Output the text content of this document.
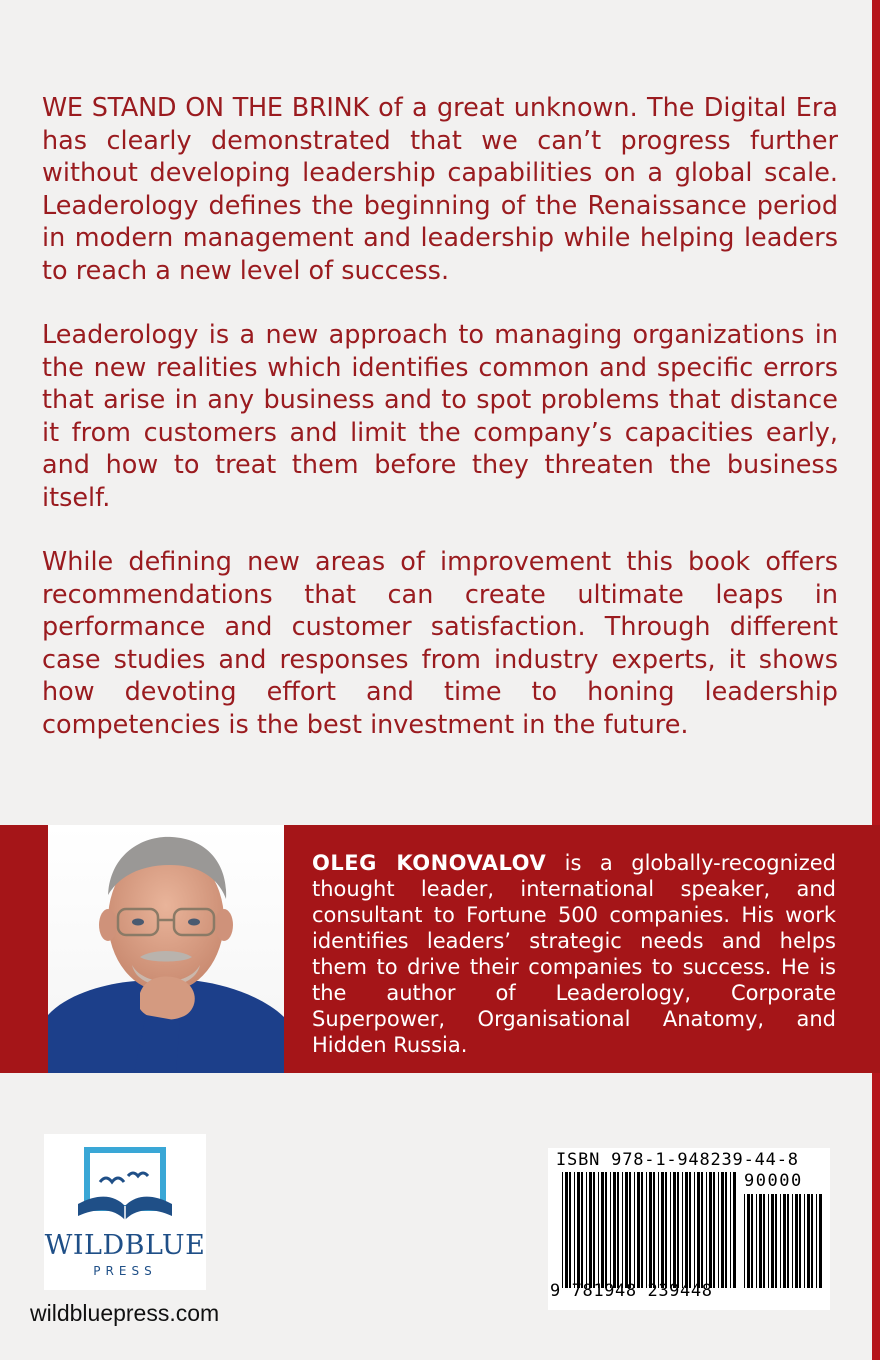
WE STAND ON THE BRINK of a great unknown. The Digital Era has clearly demonstrated that we can’t progress further without developing leadership capabilities on a global scale. Leaderology defines the beginning of the Renaissance period in modern management and leadership while helping leaders to reach a new level of success.

Leaderology is a new approach to managing organizations in the new realities which identifies common and specific errors that arise in any business and to spot problems that distance it from customers and limit the company’s capacities early, and how to treat them before they threaten the business itself.

While defining new areas of improvement this book offers recommendations that can create ultimate leaps in performance and customer satisfaction. Through different case studies and responses from industry experts, it shows how devoting effort and time to honing leadership competencies is the best investment in the future.

OLEG KONOVALOV is a globally-recognized thought leader, international speaker, and consultant to Fortune 500 companies. His work identifies leaders’ strategic needs and helps them to drive their companies to success. He is the author of Leaderology, Corporate Superpower, Organisational Anatomy, and Hidden Russia.
WILDBLUE
PRESS
wildbluepress.com
ISBN 978-1-948239-44-8
90000
9 781948 239448
